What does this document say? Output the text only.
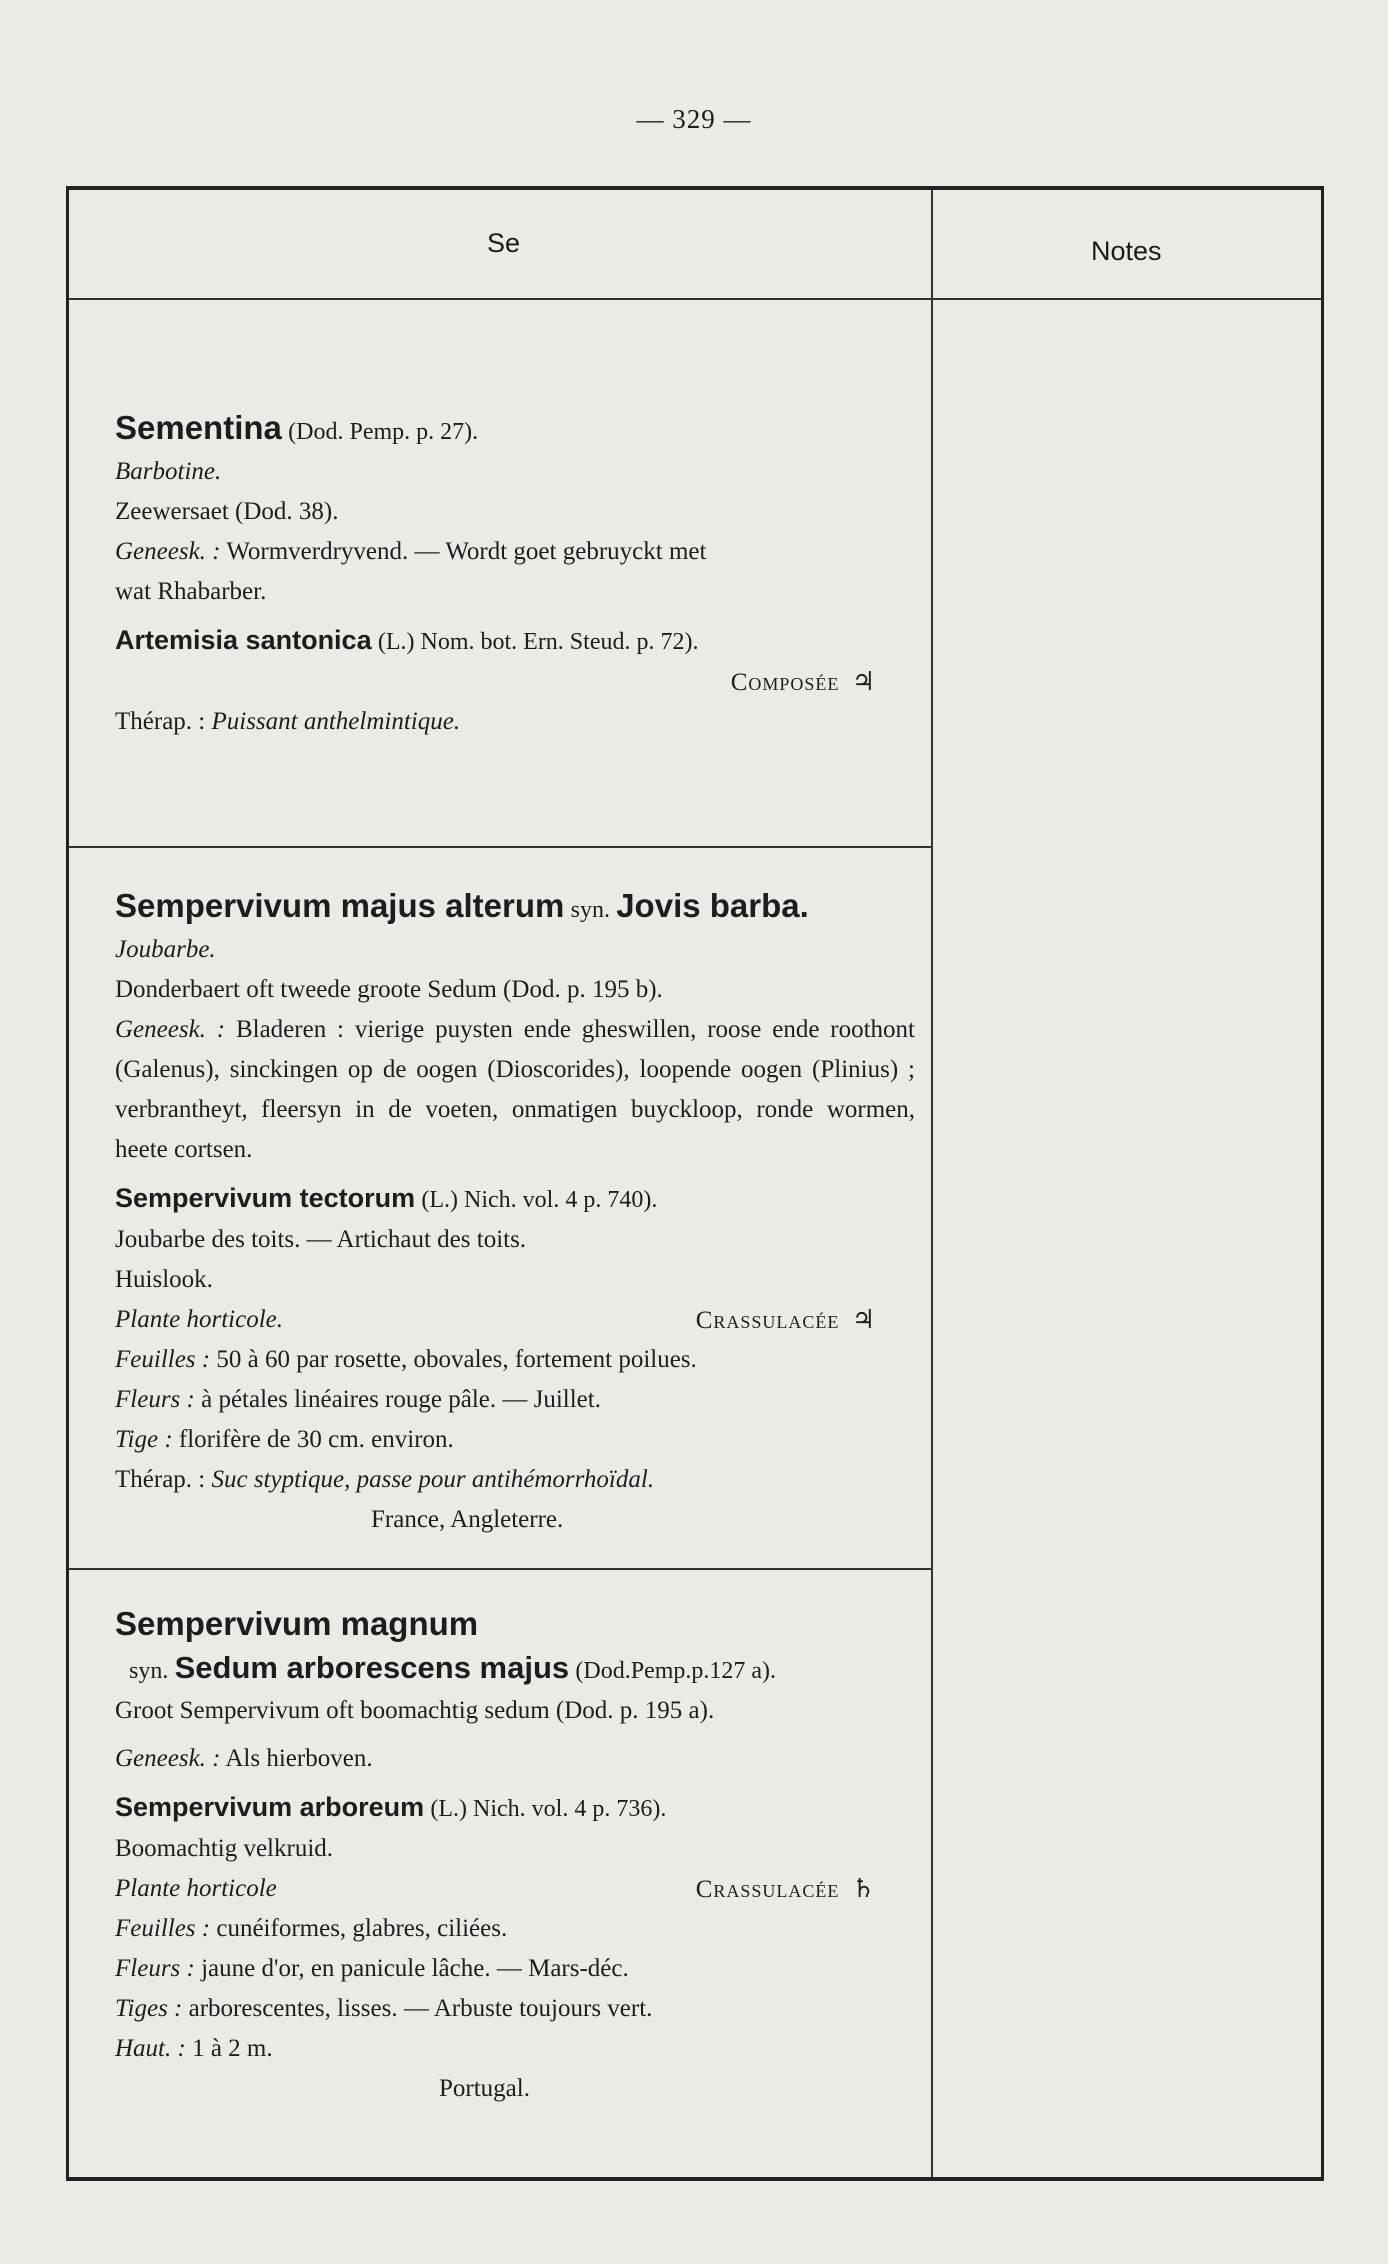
— 329 —
Se	Notes
Sementina (Dod. Pemp. p. 27).
Barbotine.
Zeewersaet (Dod. 38).
Geneesk. : Wormverdryvend. — Wordt goet gebruyckt met
wat Rhabarber.
Artemisia santonica (L.) Nom. bot. Ern. Steud. p. 72).
Composée ♃
Thérap. : Puissant anthelmintique.
Sempervivum majus alterum syn. Jovis barba.
Joubarbe.
Donderbaert oft tweede groote Sedum (Dod. p. 195 b).
Geneesk. : Bladeren : vierige puysten ende gheswillen, roose ende roothont (Galenus), sinckingen op de oogen (Dioscorides), loopende oogen (Plinius) ; verbrantheyt, fleersyn in de voeten, onmatigen buyckloop, ronde wormen, heete cortsen.
Sempervivum tectorum (L.) Nich. vol. 4 p. 740).
Joubarbe des toits. — Artichaut des toits.
Huislook.
Plante horticole.	Crassulacée ♃
Feuilles : 50 à 60 par rosette, obovales, fortement poilues.
Fleurs : à pétales linéaires rouge pâle. — Juillet.
Tige : florifère de 30 cm. environ.
Thérap. : Suc styptique, passe pour antihémorrhoïdal.
France, Angleterre.
Sempervivum magnum
syn. Sedum arborescens majus (Dod.Pemp.p.127 a).
Groot Sempervivum oft boomachtig sedum (Dod. p. 195 a).
Geneesk. : Als hierboven.
Sempervivum arboreum (L.) Nich. vol. 4 p. 736).
Boomachtig velkruid.
Plante horticole	Crassulacée ♄
Feuilles : cunéiformes, glabres, ciliées.
Fleurs : jaune d'or, en panicule lâche. — Mars-déc.
Tiges : arborescentes, lisses. — Arbuste toujours vert.
Haut. : 1 à 2 m.
Portugal.
